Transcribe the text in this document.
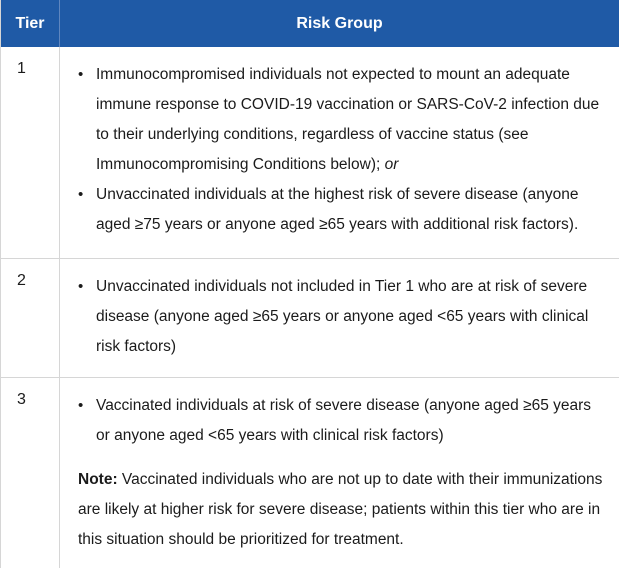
Tier	Risk Group
1	• Immunocompromised individuals not expected to mount an adequate immune response to COVID-19 vaccination or SARS-CoV-2 infection due to their underlying conditions, regardless of vaccine status (see Immunocompromising Conditions below); or
• Unvaccinated individuals at the highest risk of severe disease (anyone aged ≥75 years or anyone aged ≥65 years with additional risk factors).
2	• Unvaccinated individuals not included in Tier 1 who are at risk of severe disease (anyone aged ≥65 years or anyone aged <65 years with clinical risk factors)
3	• Vaccinated individuals at risk of severe disease (anyone aged ≥65 years or anyone aged <65 years with clinical risk factors)
Note: Vaccinated individuals who are not up to date with their immunizations are likely at higher risk for severe disease; patients within this tier who are in this situation should be prioritized for treatment.
